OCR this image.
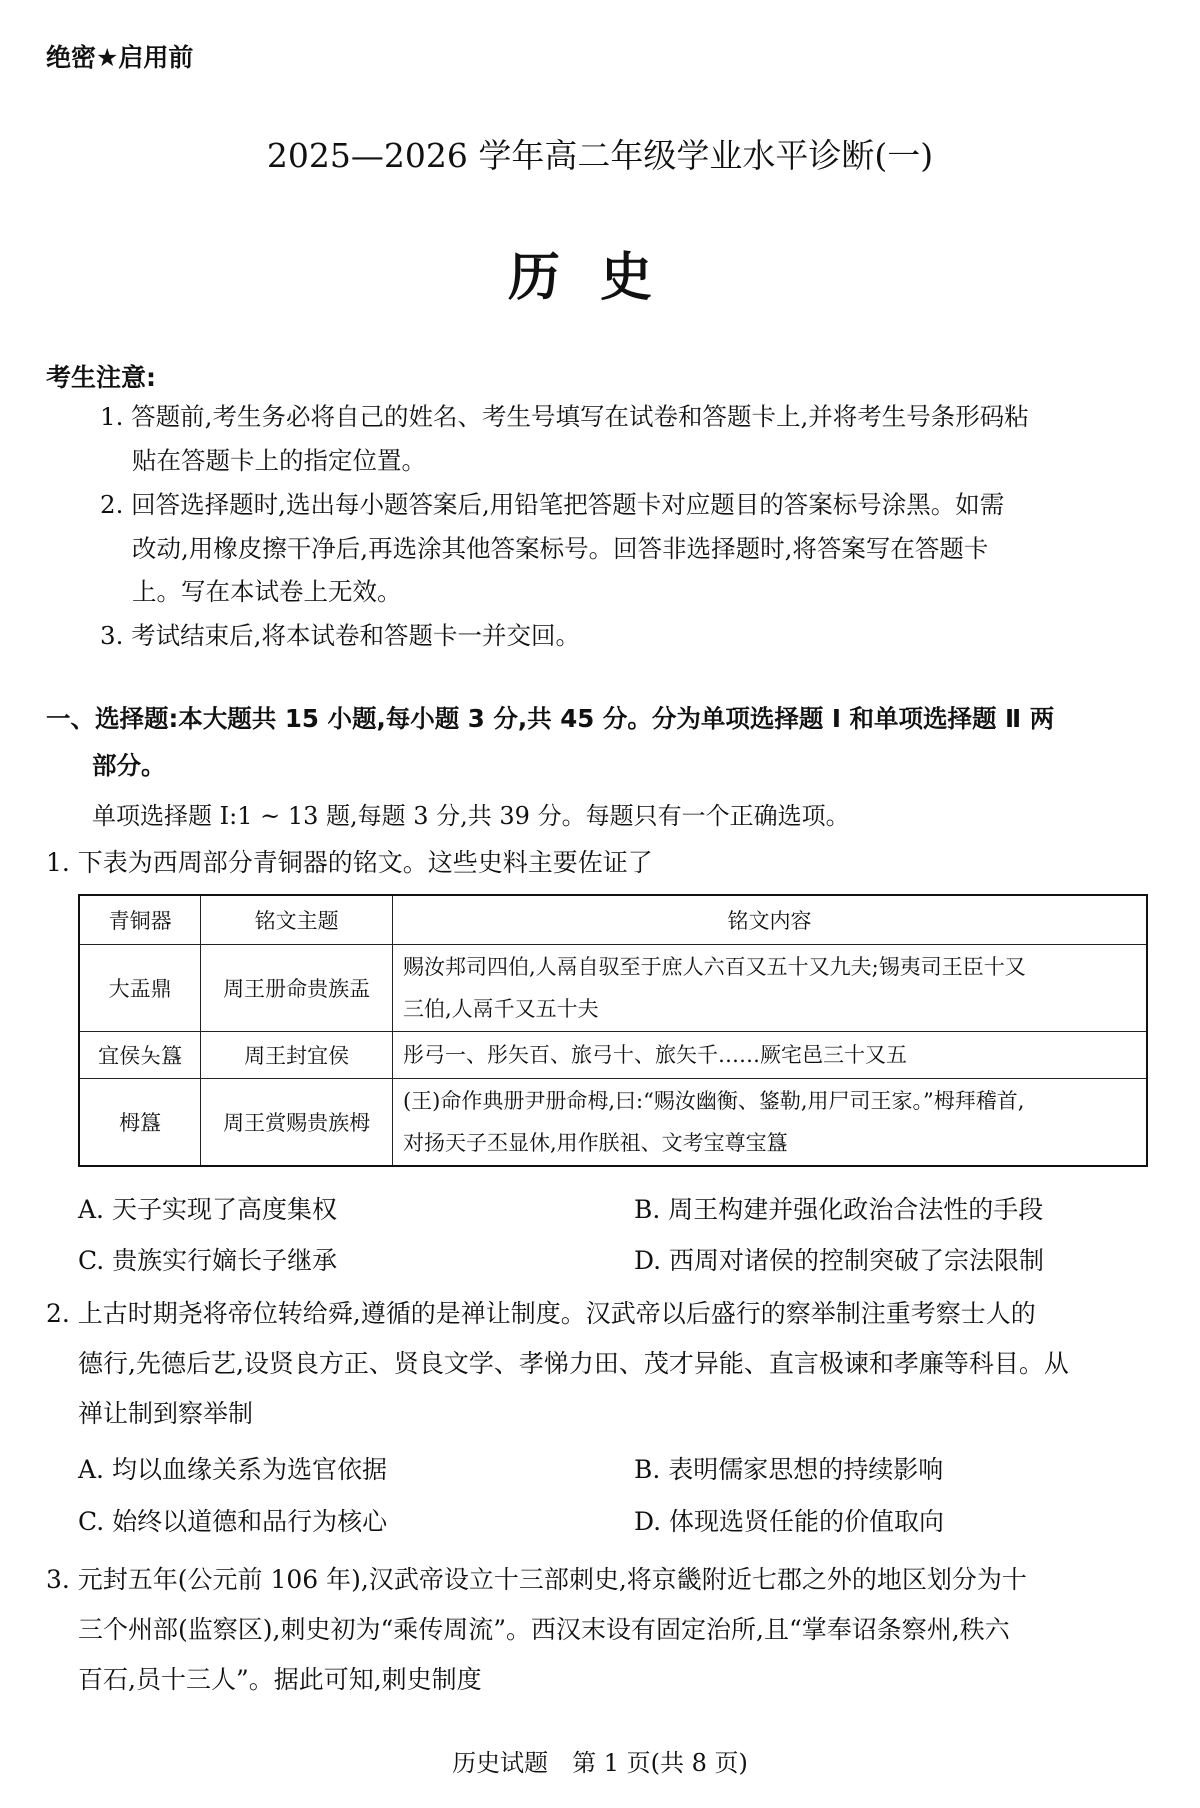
绝密★启用前
2025—2026 学年高二年级学业水平诊断(一)
历史
考生注意:
1. 答题前,考生务必将自己的姓名、考生号填写在试卷和答题卡上,并将考生号条形码粘
贴在答题卡上的指定位置。
2. 回答选择题时,选出每小题答案后,用铅笔把答题卡对应题目的答案标号涂黑。如需
改动,用橡皮擦干净后,再选涂其他答案标号。回答非选择题时,将答案写在答题卡
上。写在本试卷上无效。
3. 考试结束后,将本试卷和答题卡一并交回。
一、选择题:本大题共 15 小题,每小题 3 分,共 45 分。分为单项选择题 Ⅰ 和单项选择题 Ⅱ 两
部分。
单项选择题 Ⅰ:1 ~ 13 题,每题 3 分,共 39 分。每题只有一个正确选项。
1. 下表为西周部分青铜器的铭文。这些史料主要佐证了
青铜器	铭文主题	铭文内容
大盂鼎	周王册命贵族盂	赐汝邦司四伯,人鬲自驭至于庶人六百又五十又九夫;锡夷司王臣十又
三伯,人鬲千又五十夫

宜侯夨簋	周王封宜侯	彤弓一、彤矢百、旅弓十、旅矢千……厥宅邑三十又五

栂簋	周王赏赐贵族栂	(王)命作典册尹册命栂,曰:“赐汝幽衡、鋚勒,用尸司王家。”栂拜稽首,
对扬天子丕显休,用作朕祖、文考宝尊宝簋
A. 天子实现了高度集权	B. 周王构建并强化政治合法性的手段
C. 贵族实行嫡长子继承	D. 西周对诸侯的控制突破了宗法限制
2. 上古时期尧将帝位转给舜,遵循的是禅让制度。汉武帝以后盛行的察举制注重考察士人的
德行,先德后艺,设贤良方正、贤良文学、孝悌力田、茂才异能、直言极谏和孝廉等科目。从
禅让制到察举制
A. 均以血缘关系为选官依据	B. 表明儒家思想的持续影响
C. 始终以道德和品行为核心	D. 体现选贤任能的价值取向
3. 元封五年(公元前 106 年),汉武帝设立十三部刺史,将京畿附近七郡之外的地区划分为十
三个州部(监察区),刺史初为“乘传周流”。西汉末设有固定治所,且“掌奉诏条察州,秩六
百石,员十三人”。据此可知,刺史制度
历史试题　第 1 页(共 8 页)
